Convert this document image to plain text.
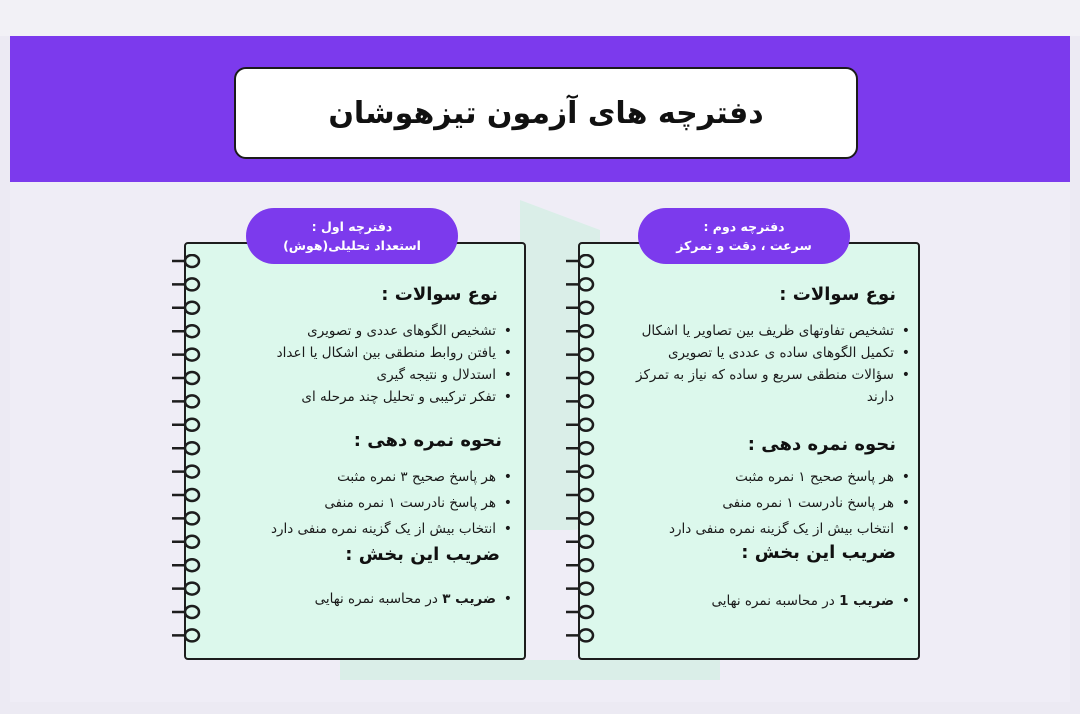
دفترچه های آزمون تیزهوشان
دفترچه اول :
استعداد تحلیلی(هوش)
دفترچه دوم :
سرعت ، دقت و تمرکز
نوع سوالات :
• تشخیص الگوهای عددی و تصویری
• یافتن روابط منطقی بین اشکال یا اعداد
• استدلال و نتیجه گیری
• تفکر ترکیبی و تحلیل چند مرحله ای
نحوه نمره دهی :
• هر پاسخ صحیح ۳ نمره مثبت
• هر پاسخ نادرست ۱ نمره منفی
• انتخاب بیش از یک گزینه نمره منفی دارد
ضریب این بخش :
• ضریب ۳ در محاسبه نمره نهایی
نوع سوالات :
• تشخیص تفاوتهای ظریف بین تصاویر یا اشکال
• تکمیل الگوهای ساده ی عددی یا تصویری
• سؤالات منطقی سریع و ساده که نیاز به تمرکز دارند
نحوه نمره دهی :
• هر پاسخ صحیح ۱ نمره مثبت
• هر پاسخ نادرست ۱ نمره منفی
• انتخاب بیش از یک گزینه نمره منفی دارد
ضریب این بخش :
• ضریب 1 در محاسبه نمره نهایی
